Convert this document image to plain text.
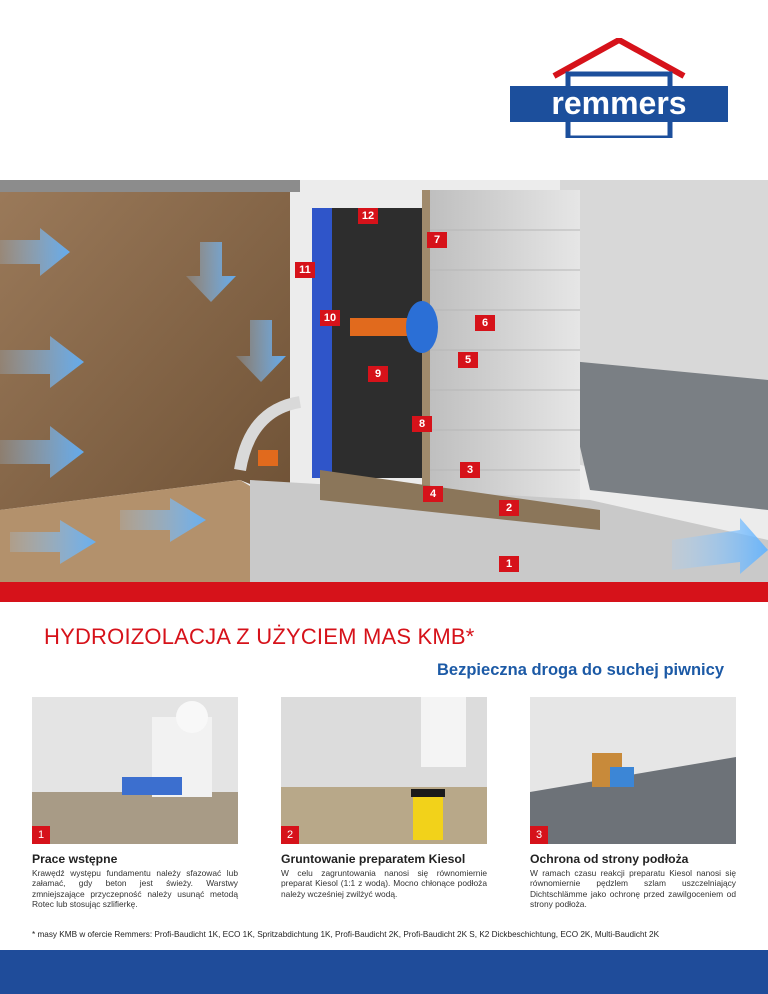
remmers
12
7
11
10	6
5
9
8
3
4
2
1
HYDROIZOLACJA Z UŻYCIEM MAS KMB*
Bezpieczna droga do suchej piwnicy
1	2	3
Prace wstępne

Krawędź występu fundamentu należy sfazować lub załamać, gdy beton jest świeży. Warstwy zmniejszające przyczepność należy usunąć metodą Rotec lub stosując szlifierkę.

Gruntowanie preparatem Kiesol

W celu zagruntowania nanosi się równomiernie preparat Kiesol (1:1 z wodą). Mocno chłonące podłoża należy wcześniej zwilżyć wodą.

Ochrona od strony podłoża

W ramach czasu reakcji preparatu Kiesol nanosi się równomiernie pędzlem szlam uszczelniający Dichtschlämme jako ochronę przed zawilgoceniem od strony podłoża.

* masy KMB w ofercie Remmers: Profi-Baudicht 1K, ECO 1K, Spritzabdichtung 1K, Profi-Baudicht 2K, Profi-Baudicht 2K S, K2 Dickbeschichtung, ECO 2K, Multi-Baudicht 2K
